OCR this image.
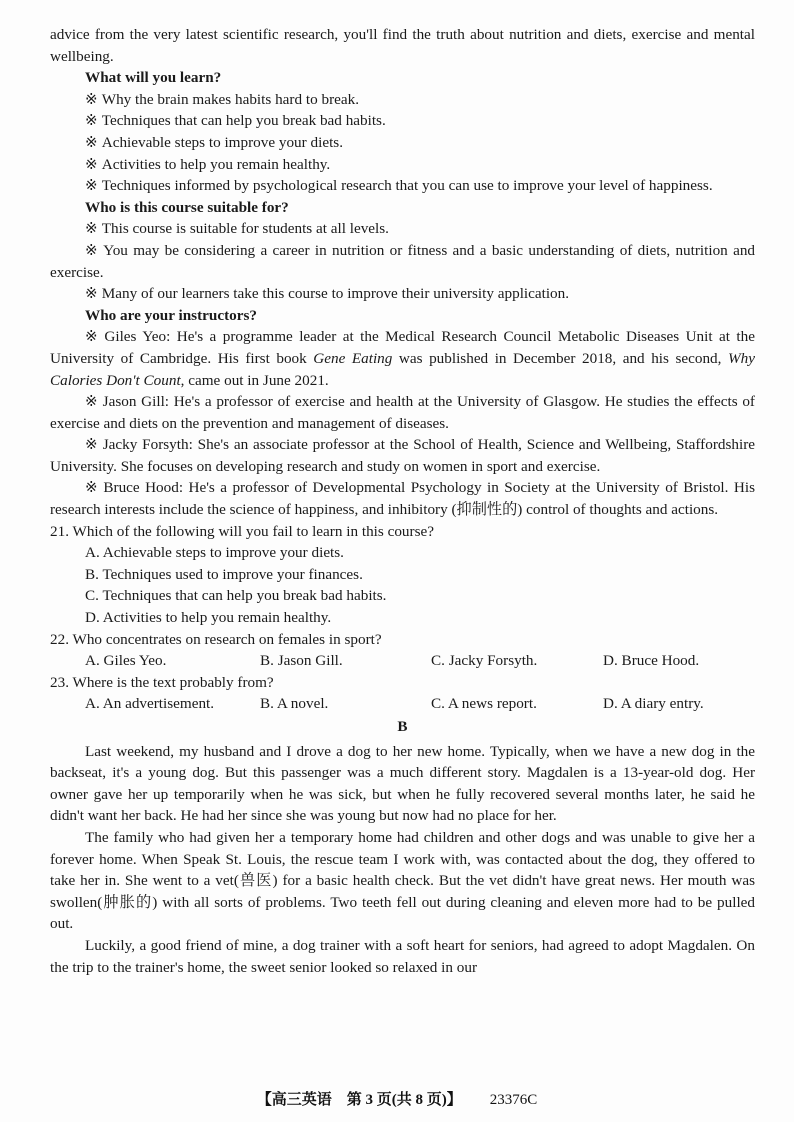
advice from the very latest scientific research, you'll find the truth about nutrition and diets, exercise and mental wellbeing.

What will you learn?

※ Why the brain makes habits hard to break.

※ Techniques that can help you break bad habits.

※ Achievable steps to improve your diets.

※ Activities to help you remain healthy.

※ Techniques informed by psychological research that you can use to improve your level of happiness.

Who is this course suitable for?

※ This course is suitable for students at all levels.

※ You may be considering a career in nutrition or fitness and a basic understanding of diets, nutrition and exercise.

※ Many of our learners take this course to improve their university application.

Who are your instructors?

※ Giles Yeo: He's a programme leader at the Medical Research Council Metabolic Diseases Unit at the University of Cambridge. His first book Gene Eating was published in December 2018, and his second, Why Calories Don't Count, came out in June 2021.

※ Jason Gill: He's a professor of exercise and health at the University of Glasgow. He studies the effects of exercise and diets on the prevention and management of diseases.

※ Jacky Forsyth: She's an associate professor at the School of Health, Science and Wellbeing, Staffordshire University. She focuses on developing research and study on women in sport and exercise.

※ Bruce Hood: He's a professor of Developmental Psychology in Society at the University of Bristol. His research interests include the science of happiness, and inhibitory (抑制性的) control of thoughts and actions.

21. Which of the following will you fail to learn in this course?

A. Achievable steps to improve your diets.

B. Techniques used to improve your finances.

C. Techniques that can help you break bad habits.

D. Activities to help you remain healthy.

22. Who concentrates on research on females in sport?

A. Giles Yeo.	B. Jason Gill.	C. Jacky Forsyth.	D. Bruce Hood.

23. Where is the text probably from?

A. An advertisement.	B. A novel.	C. A news report.	D. A diary entry.

B

Last weekend, my husband and I drove a dog to her new home. Typically, when we have a new dog in the backseat, it's a young dog. But this passenger was a much different story. Magdalen is a 13-year-old dog. Her owner gave her up temporarily when he was sick, but when he fully recovered several months later, he said he didn't want her back. He had her since she was young but now had no place for her.

The family who had given her a temporary home had children and other dogs and was unable to give her a forever home. When Speak St. Louis, the rescue team I work with, was contacted about the dog, they offered to take her in. She went to a vet(兽医) for a basic health check. But the vet didn't have great news. Her mouth was swollen(肿胀的) with all sorts of problems. Two teeth fell out during cleaning and eleven more had to be pulled out.

Luckily, a good friend of mine, a dog trainer with a soft heart for seniors, had agreed to adopt Magdalen. On the trip to the trainer's home, the sweet senior looked so relaxed in our

【高三英语　第 3 页(共 8 页)】 23376C
